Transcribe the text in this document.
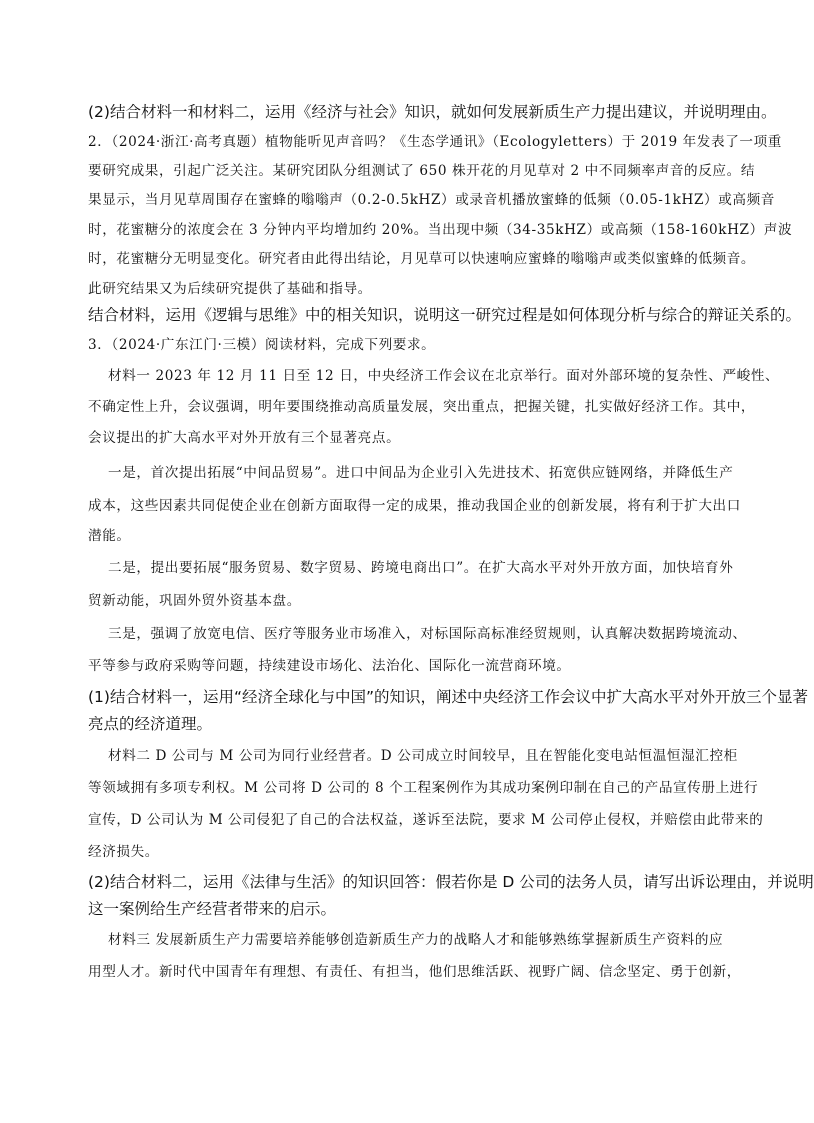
(2)结合材料一和材料二，运用《经济与社会》知识，就如何发展新质生产力提出建议，并说明理由。
2．（2024·浙江·高考真题）植物能听见声音吗？《生态学通讯》（Ecologyletters）于 2019 年发表了一项重
要研究成果，引起广泛关注。某研究团队分组测试了 650 株开花的月见草对 2 中不同频率声音的反应。结
果显示，当月见草周围存在蜜蜂的嗡嗡声（0.2-0.5kHZ）或录音机播放蜜蜂的低频（0.05-1kHZ）或高频音
时，花蜜糖分的浓度会在 3 分钟内平均增加约 20%。当出现中频（34-35kHZ）或高频（158-160kHZ）声波
时，花蜜糖分无明显变化。研究者由此得出结论，月见草可以快速响应蜜蜂的嗡嗡声或类似蜜蜂的低频音。
此研究结果又为后续研究提供了基础和指导。
结合材料，运用《逻辑与思维》中的相关知识，说明这一研究过程是如何体现分析与综合的辩证关系的。
3．（2024·广东江门·三模）阅读材料，完成下列要求。
材料一 2023 年 12 月 11 日至 12 日，中央经济工作会议在北京举行。面对外部环境的复杂性、严峻性、
不确定性上升，会议强调，明年要围绕推动高质量发展，突出重点，把握关键，扎实做好经济工作。其中，
会议提出的扩大高水平对外开放有三个显著亮点。
一是，首次提出拓展“中间品贸易”。进口中间品为企业引入先进技术、拓宽供应链网络，并降低生产
成本，这些因素共同促使企业在创新方面取得一定的成果，推动我国企业的创新发展，将有利于扩大出口
潜能。
二是，提出要拓展“服务贸易、数字贸易、跨境电商出口”。在扩大高水平对外开放方面，加快培育外
贸新动能，巩固外贸外资基本盘。
三是，强调了放宽电信、医疗等服务业市场准入，对标国际高标准经贸规则，认真解决数据跨境流动、
平等参与政府采购等问题，持续建设市场化、法治化、国际化一流营商环境。
(1)结合材料一，运用“经济全球化与中国”的知识，阐述中央经济工作会议中扩大高水平对外开放三个显著
亮点的经济道理。
材料二 D 公司与 M 公司为同行业经营者。D 公司成立时间较早，且在智能化变电站恒温恒湿汇控柜
等领域拥有多项专利权。M 公司将 D 公司的 8 个工程案例作为其成功案例印制在自己的产品宣传册上进行
宣传，D 公司认为 M 公司侵犯了自己的合法权益，遂诉至法院，要求 M 公司停止侵权，并赔偿由此带来的
经济损失。
(2)结合材料二，运用《法律与生活》的知识回答：假若你是 D 公司的法务人员，请写出诉讼理由，并说明
这一案例给生产经营者带来的启示。
材料三 发展新质生产力需要培养能够创造新质生产力的战略人才和能够熟练掌握新质生产资料的应
用型人才。新时代中国青年有理想、有责任、有担当，他们思维活跃、视野广阔、信念坚定、勇于创新，
